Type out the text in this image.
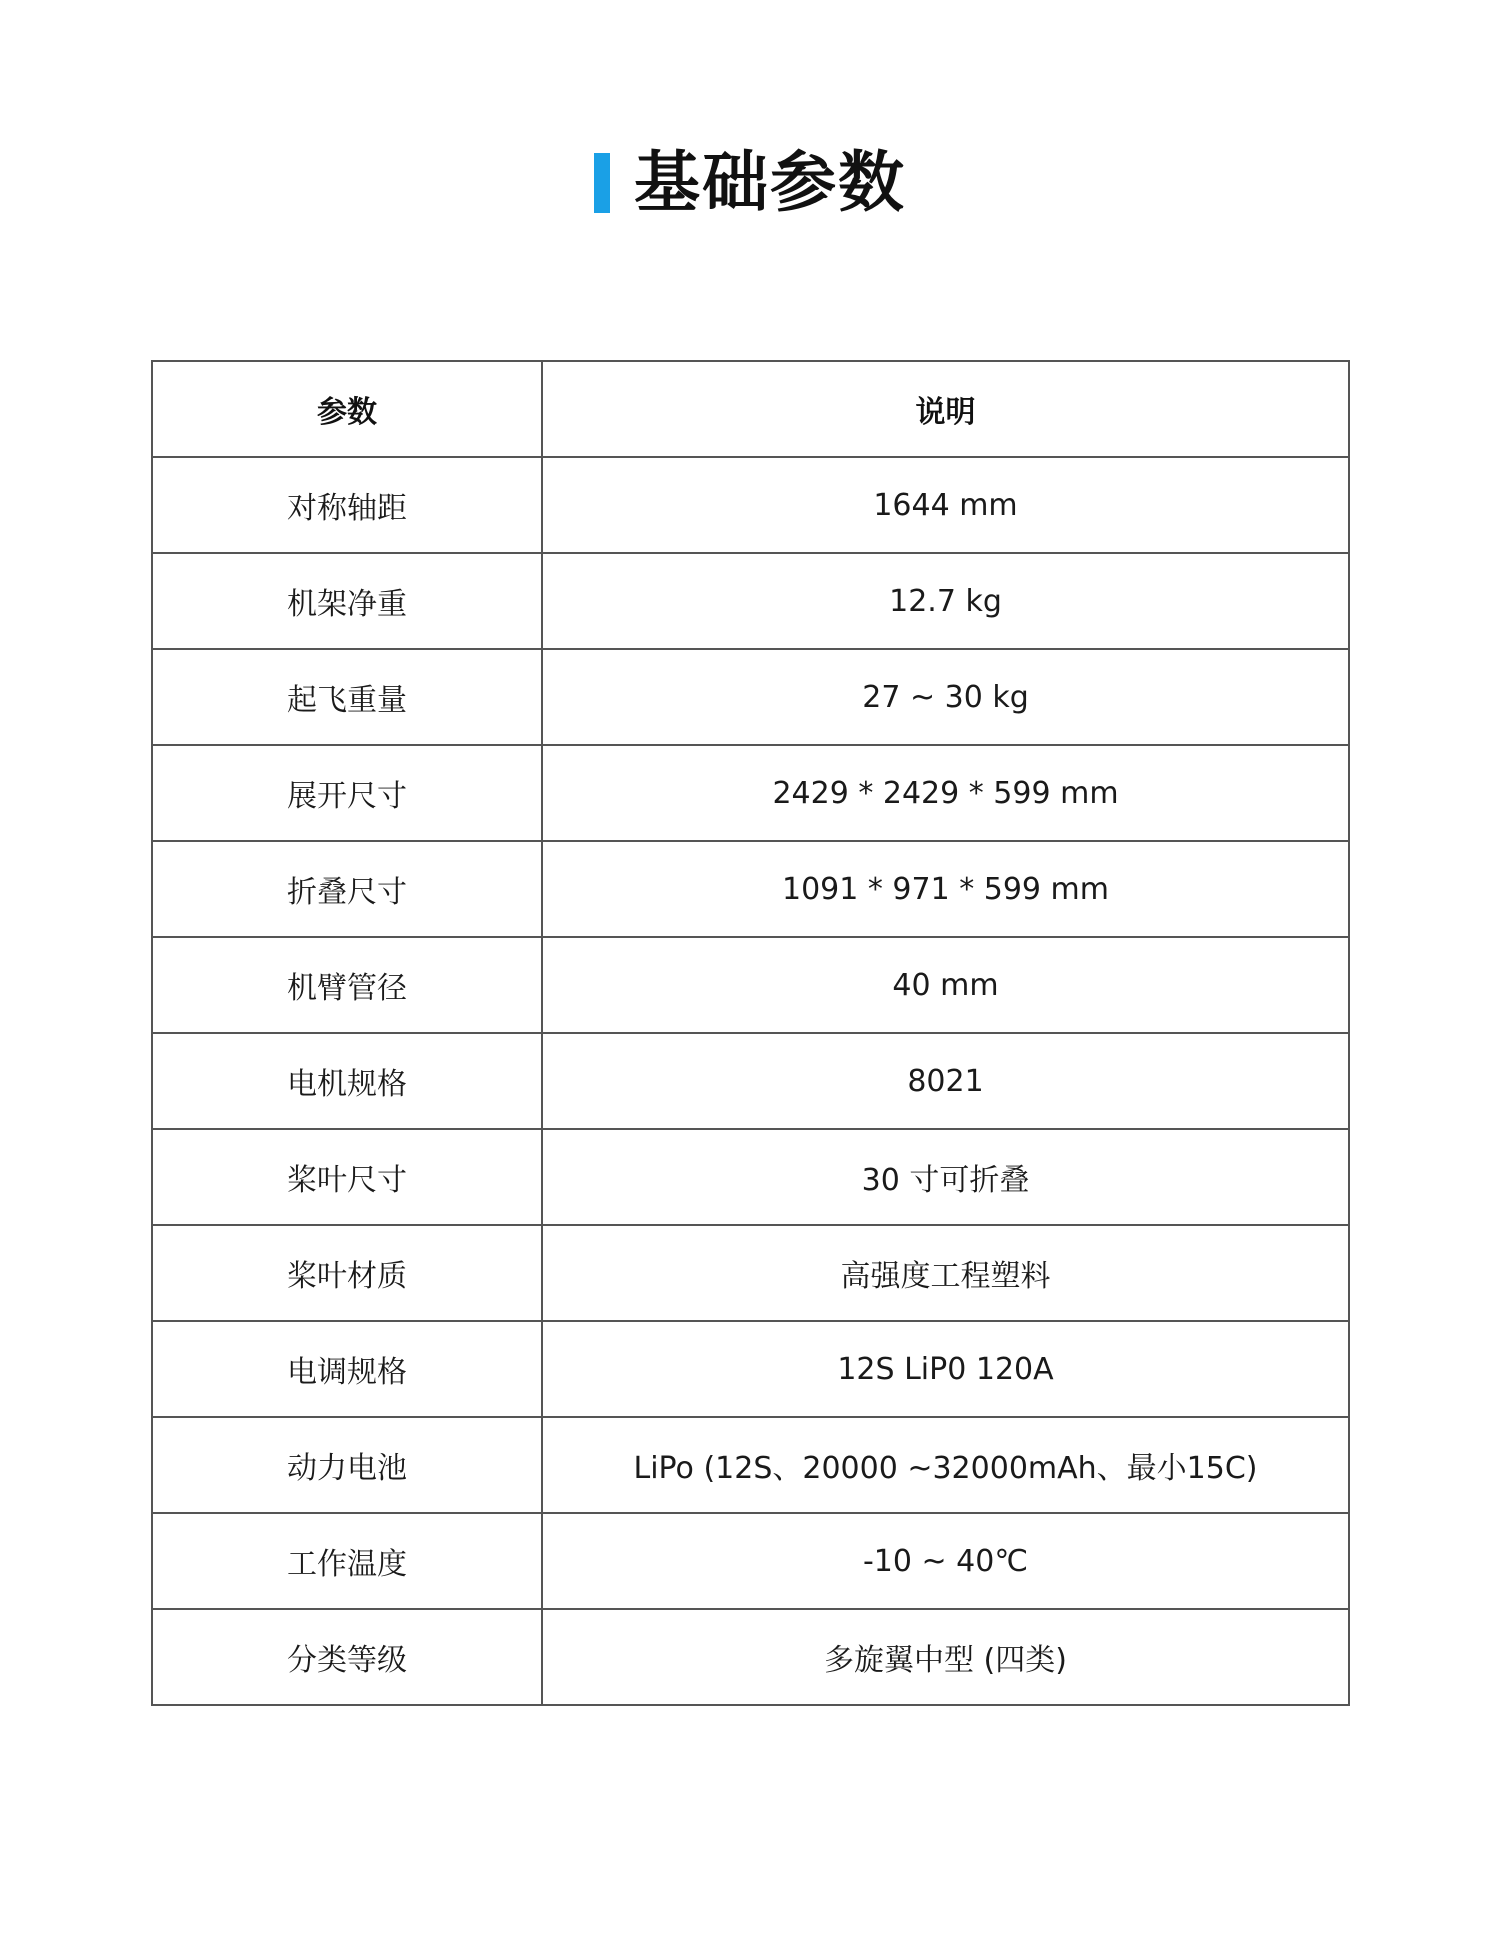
基础参数
参数	说明
对称轴距	1644 mm
机架净重	12.7 kg
起飞重量	27 ~ 30 kg
展开尺寸	2429 * 2429 * 599 mm
折叠尺寸	1091 * 971 * 599 mm
机臂管径	40 mm
电机规格	8021
桨叶尺寸	30 寸可折叠
桨叶材质	高强度工程塑料
电调规格	12S LiP0 120A
动力电池	LiPo (12S、20000 ~32000mAh、最小15C)
工作温度	-10 ~ 40℃
分类等级	多旋翼中型 (四类)
